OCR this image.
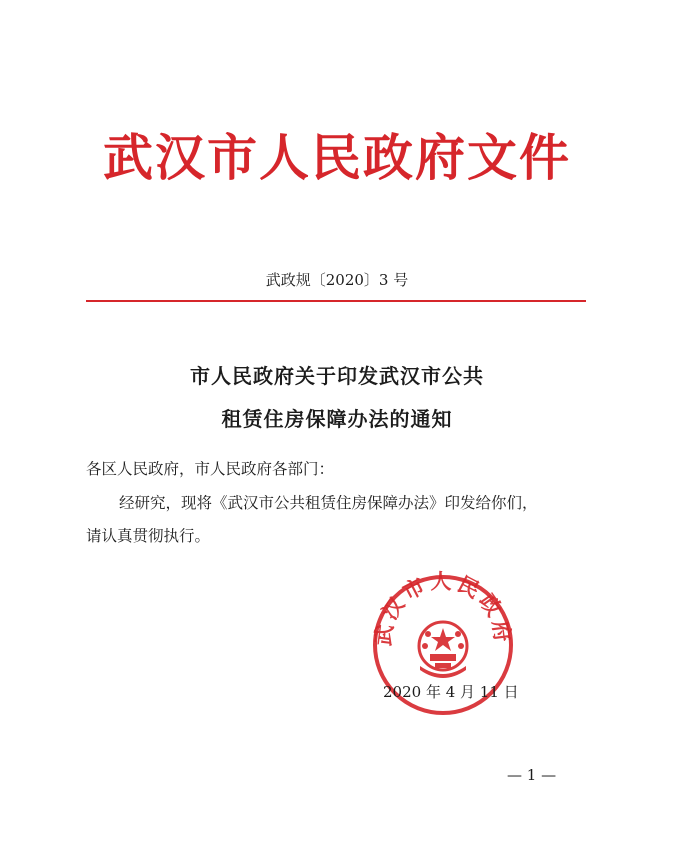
武汉市人民政府文件
武政规〔2020〕3 号
市人民政府关于印发武汉市公共
租赁住房保障办法的通知
各区人民政府，市人民政府各部门：
经研究，现将《武汉市公共租赁住房保障办法》印发给你们，
请认真贯彻执行。
武汉市人民政府
2020 年 4 月 11 日
— 1 —
